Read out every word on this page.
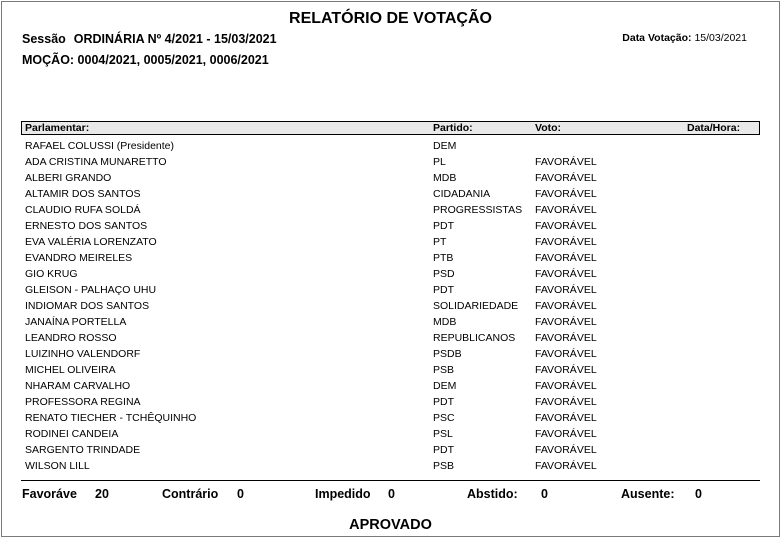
RELATÓRIO DE VOTAÇÃO
Sessão ORDINÁRIA Nº 4/2021 - 15/03/2021	Data Votação: 15/03/2021
MOÇÃO: 0004/2021, 0005/2021, 0006/2021
Parlamentar:	Partido:	Voto:	Data/Hora:
RAFAEL COLUSSI (Presidente)	DEM
ADA CRISTINA MUNARETTO	PL	FAVORÁVEL
ALBERI GRANDO	MDB	FAVORÁVEL
ALTAMIR DOS SANTOS	CIDADANIA	FAVORÁVEL
CLAUDIO RUFA SOLDÁ	PROGRESSISTAS FAVORÁVEL
ERNESTO DOS SANTOS	PDT	FAVORÁVEL
EVA VALÉRIA LORENZATO	PT	FAVORÁVEL
EVANDRO MEIRELES	PTB	FAVORÁVEL
GIO KRUG	PSD	FAVORÁVEL
GLEISON - PALHAÇO UHU	PDT	FAVORÁVEL
INDIOMAR DOS SANTOS	SOLIDARIEDADE FAVORÁVEL
JANAÍNA PORTELLA	MDB	FAVORÁVEL
LEANDRO ROSSO	REPUBLICANOS FAVORÁVEL
LUIZINHO VALENDORF	PSDB	FAVORÁVEL
MICHEL OLIVEIRA	PSB	FAVORÁVEL
NHARAM CARVALHO	DEM	FAVORÁVEL
PROFESSORA REGINA	PDT	FAVORÁVEL
RENATO TIECHER - TCHÊQUINHO	PSC	FAVORÁVEL
RODINEI CANDEIA	PSL	FAVORÁVEL
SARGENTO TRINDADE	PDT	FAVORÁVEL
WILSON LILL	PSB	FAVORÁVEL
Favoráve 20	Contrário 0	Impedido 0	Abstido: 0	Ausente: 0
APROVADO
